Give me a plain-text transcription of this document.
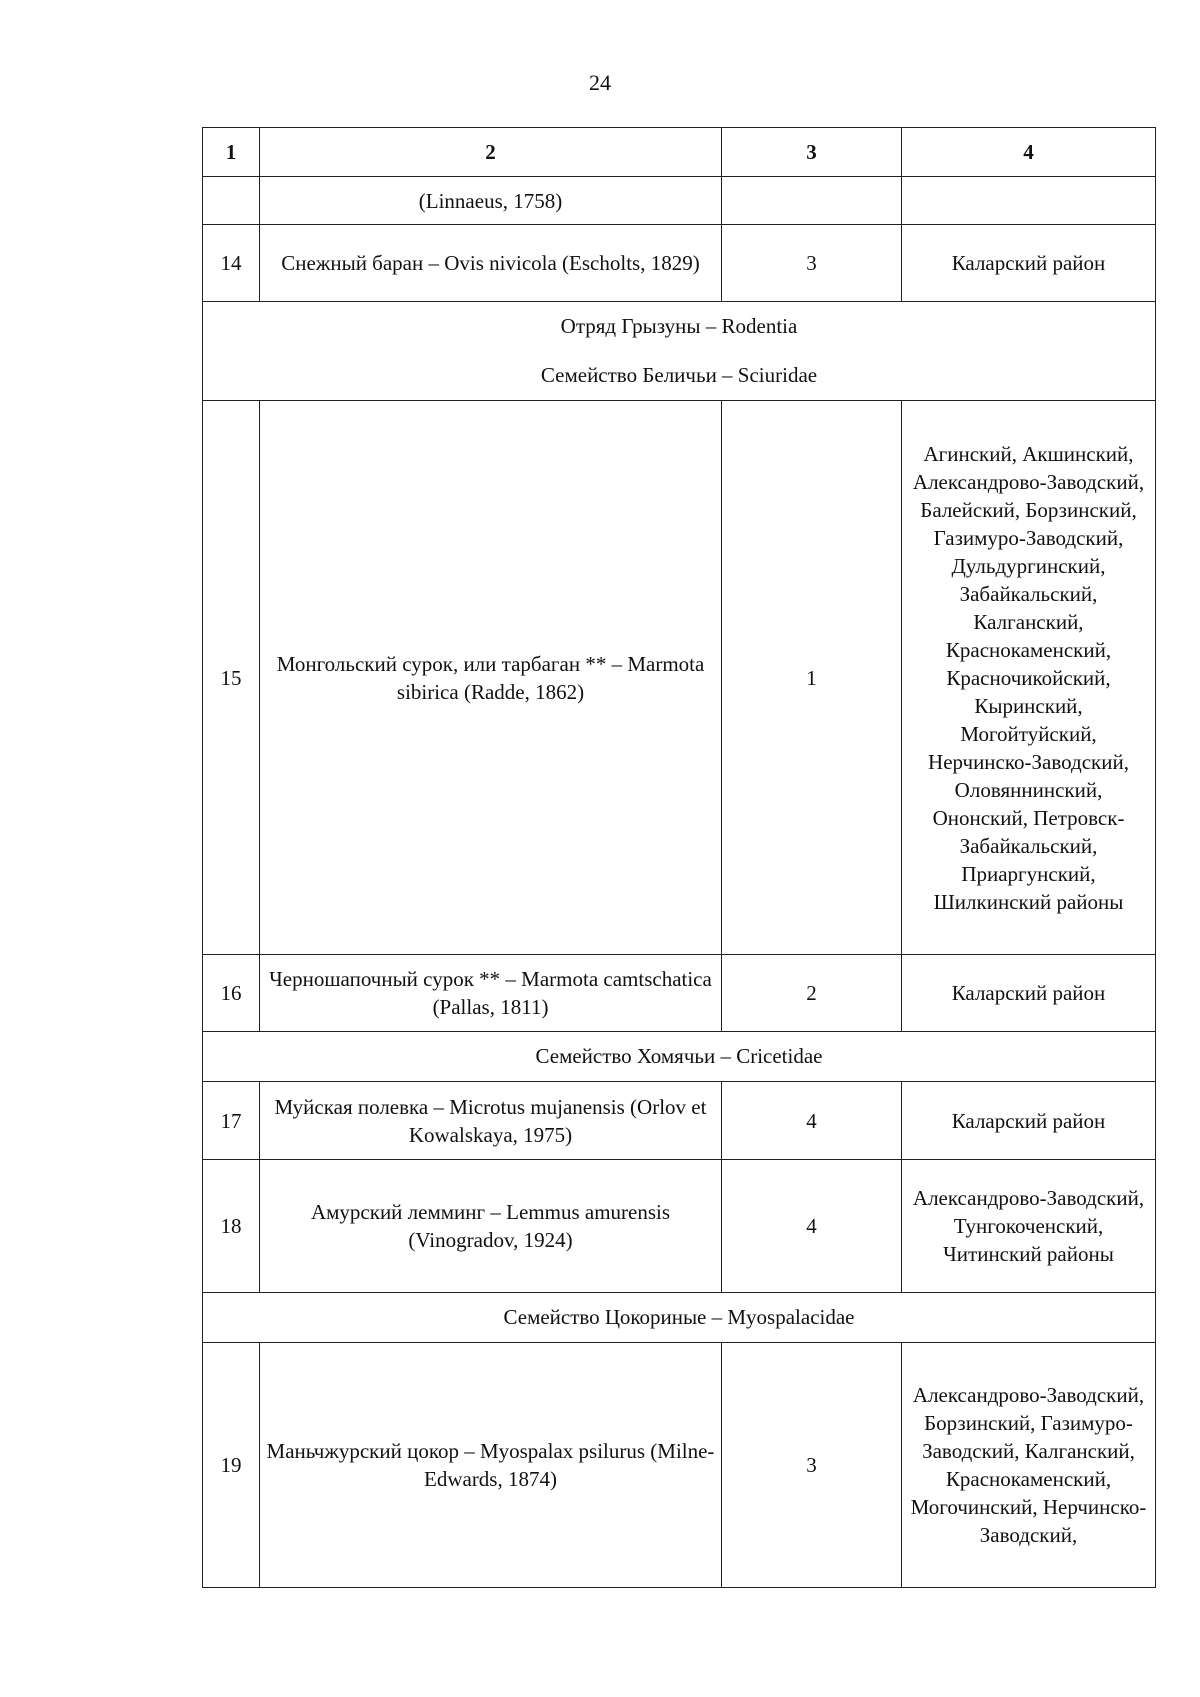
24
1	2	3	4
	(Linnaeus, 1758)		
14	Снежный баран – Ovis nivicola (Escholts, 1829)	3	Каларский район

Отряд Грызуны – Rodentia
Семейство Беличьи – Sciuridae			

15	Монгольский сурок, или тарбаган ** – Marmota sibirica (Radde, 1862)	1	Агинский, Акшинский, Александрово-Заводский, Балейский, Борзинский, Газимуро-Заводский, Дульдургинский, Забайкальский, Калганский, Краснокаменский, Красночикойский, Кыринский, Могойтуйский, Нерчинско-Заводский, Оловяннинский, Ононский, Петровск-Забайкальский, Приаргунский, Шилкинский районы
16	Черношапочный сурок ** – Marmota camtschatica (Pallas, 1811)	2	Каларский район

Семейство Хомячьи – Cricetidae			

17	Муйская полевка – Microtus mujanensis (Orlov et Kowalskaya, 1975)	4	Каларский район
18	Амурский лемминг – Lemmus amurensis (Vinogradov, 1924)	4	Александрово-Заводский, Тунгокоченский, Читинский районы

Семейство Цокориные – Myospalacidae			

19	Маньчжурский цокор – Myospalax psilurus (Milne-Edwards, 1874)	3	Александрово-Заводский, Борзинский, Газимуро-Заводский, Калганский, Краснокаменский, Могочинский, Нерчинско-Заводский,
